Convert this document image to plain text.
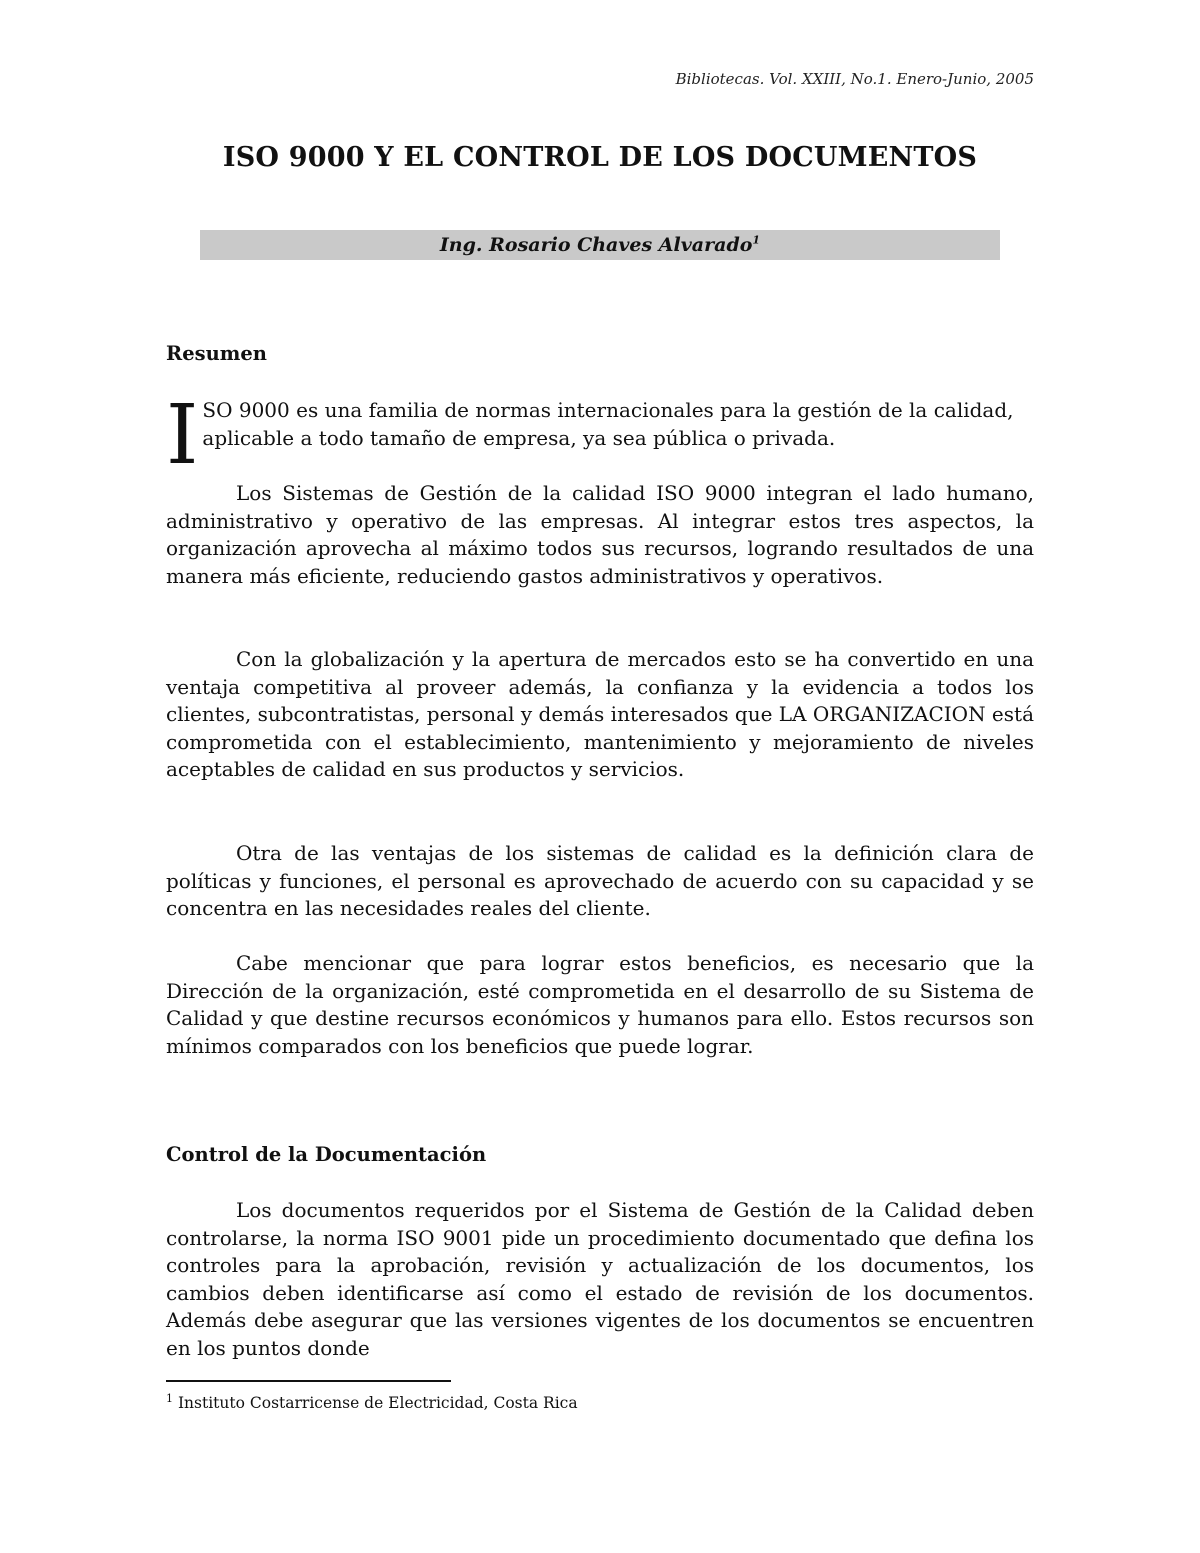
Bibliotecas. Vol. XXIII, No.1. Enero-Junio, 2005
ISO 9000 Y EL CONTROL DE LOS DOCUMENTOS
Ing. Rosario Chaves Alvarado$^1$
Resumen

I SO 9000 es una familia de normas internacionales para la gestión de la calidad, aplicable a todo tamaño de empresa, ya sea pública o privada.

Los Sistemas de Gestión de la calidad ISO 9000 integran el lado humano, administrativo y operativo de las empresas. Al integrar estos tres aspectos, la organización aprovecha al máximo todos sus recursos, logrando resultados de una manera más eficiente, reduciendo gastos administrativos y operativos.

Con la globalización y la apertura de mercados esto se ha convertido en una ventaja competitiva al proveer además, la confianza y la evidencia a todos los clientes, subcontratistas, personal y demás interesados que LA ORGANIZACION está comprometida con el establecimiento, mantenimiento y mejoramiento de niveles aceptables de calidad en sus productos y servicios.

Otra de las ventajas de los sistemas de calidad es la definición clara de políticas y funciones, el personal es aprovechado de acuerdo con su capacidad y se concentra en las necesidades reales del cliente.

Cabe mencionar que para lograr estos beneficios, es necesario que la Dirección de la organización, esté comprometida en el desarrollo de su Sistema de Calidad y que destine recursos económicos y humanos para ello. Estos recursos son mínimos comparados con los beneficios que puede lograr.

Control de la Documentación

Los documentos requeridos por el Sistema de Gestión de la Calidad deben controlarse, la norma ISO 9001 pide un procedimiento documentado que defina los controles para la aprobación, revisión y actualización de los documentos, los cambios deben identificarse así como el estado de revisión de los documentos. Además debe asegurar que las versiones vigentes de los documentos se encuentren en los puntos donde

$^1$ Instituto Costarricense de Electricidad, Costa Rica
